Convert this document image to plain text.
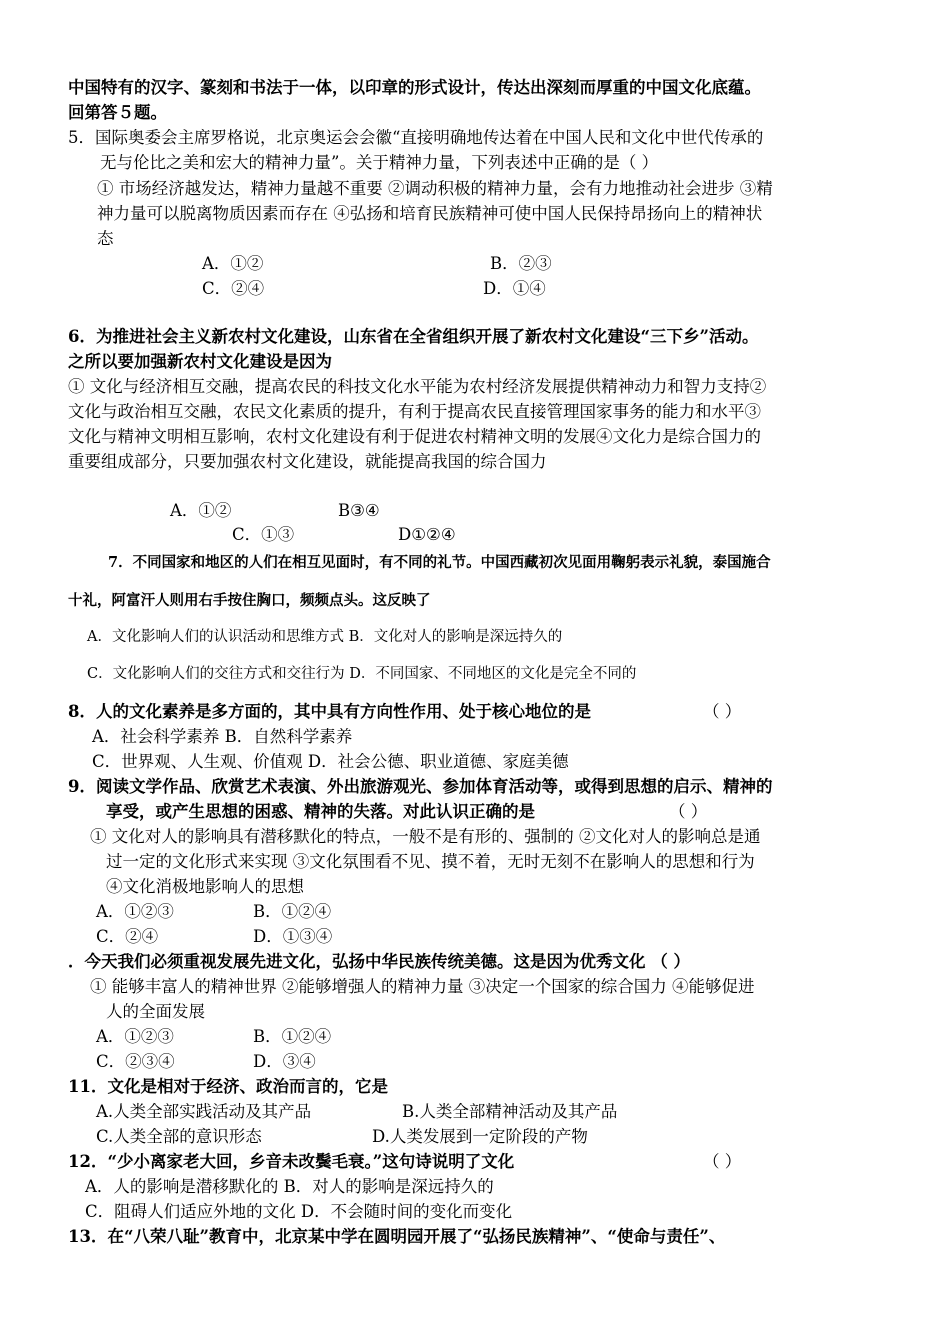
中国特有的汉字、篆刻和书法于一体，以印章的形式设计，传达出深刻而厚重的中国文化底蕴。
回第答５题。
5．国际奥委会主席罗格说，北京奥运会会徽“直接明确地传达着在中国人民和文化中世代传承的
无与伦比之美和宏大的精神力量”。关于精神力量，下列表述中正确的是（ ）
① 市场经济越发达，精神力量越不重要 ②调动积极的精神力量，会有力地推动社会进步 ③精
神力量可以脱离物质因素而存在 ④弘扬和培育民族精神可使中国人民保持昂扬向上的精神状
态
A．①②	B．②③
C．②④	D．①④
6．为推进社会主义新农村文化建设，山东省在全省组织开展了新农村文化建设“三下乡”活动。
之所以要加强新农村文化建设是因为
① 文化与经济相互交融，提高农民的科技文化水平能为农村经济发展提供精神动力和智力支持②
文化与政治相互交融，农民文化素质的提升，有利于提高农民直接管理国家事务的能力和水平③
文化与精神文明相互影响，农村文化建设有利于促进农村精神文明的发展④文化力是综合国力的
重要组成部分，只要加强农村文化建设，就能提高我国的综合国力
A．①②	B③④
C．①③	D①②④
7．不同国家和地区的人们在相互见面时，有不同的礼节。中国西藏初次见面用鞠躬表示礼貌，泰国施合
十礼，阿富汗人则用右手按住胸口，频频点头。这反映了
A．文化影响人们的认识活动和思维方式 B．文化对人的影响是深远持久的
C．文化影响人们的交往方式和交往行为 D．不同国家、不同地区的文化是完全不同的
8．人的文化素养是多方面的，其中具有方向性作用、处于核心地位的是	（ ）
A．社会科学素养 B．自然科学素养
C．世界观、人生观、价值观 D．社会公德、职业道德、家庭美德
9．阅读文学作品、欣赏艺术表演、外出旅游观光、参加体育活动等，或得到思想的启示、精神的
享受，或产生思想的困惑、精神的失落。对此认识正确的是	（ ）
① 文化对人的影响具有潜移默化的特点，一般不是有形的、强制的 ②文化对人的影响总是通
过一定的文化形式来实现 ③文化氛围看不见、摸不着，无时无刻不在影响人的思想和行为
④文化消极地影响人的思想
A．①②③	B．①②④
C．②④	D．①③④
．今天我们必须重视发展先进文化，弘扬中华民族传统美德。这是因为优秀文化 （ ）
① 能够丰富人的精神世界 ②能够增强人的精神力量 ③决定一个国家的综合国力 ④能够促进
人的全面发展
A．①②③	B．①②④
C．②③④	D．③④
11．文化是相对于经济、政治而言的，它是
A.人类全部实践活动及其产品	B.人类全部精神活动及其产品
C.人类全部的意识形态	D.人类发展到一定阶段的产物
12．“少小离家老大回，乡音未改鬓毛衰。”这句诗说明了文化	（ ）
A．人的影响是潜移默化的 B．对人的影响是深远持久的
C．阻碍人们适应外地的文化 D．不会随时间的变化而变化
13．在“八荣八耻”教育中，北京某中学在圆明园开展了“弘扬民族精神”、“使命与责任”、
